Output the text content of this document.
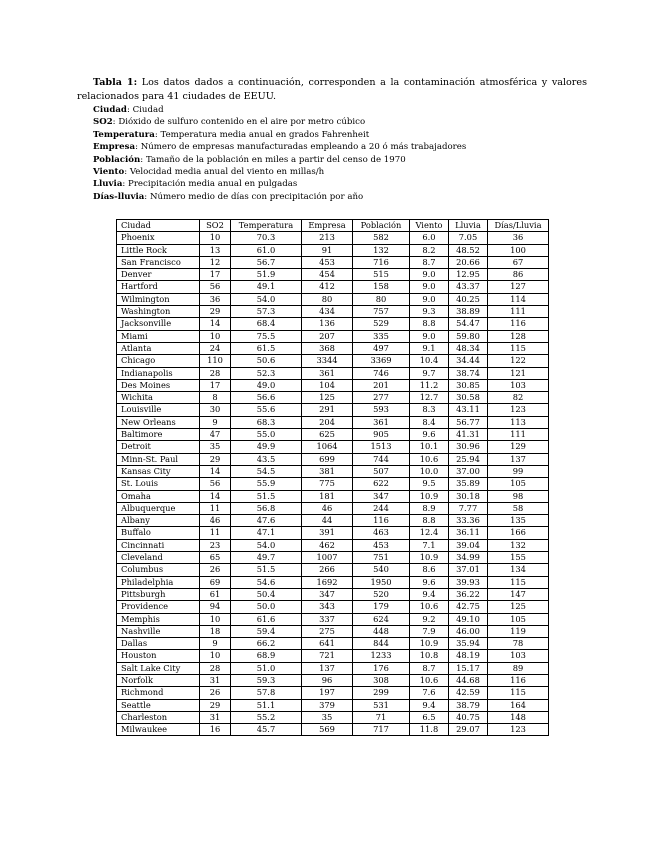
Tabla 1: Los datos dados a continuación, corresponden a la contaminación atmosférica y valores relacionados para 41 ciudades de EEUU.
Ciudad: Ciudad
SO2: Dióxido de sulfuro contenido en el aire por metro cúbico
Temperatura: Temperatura media anual en grados Fahrenheit
Empresa: Número de empresas manufacturadas empleando a 20 ó más trabajadores
Población: Tamaño de la población en miles a partir del censo de 1970
Viento: Velocidad media anual del viento en millas/h
Lluvia: Precipitación media anual en pulgadas
Días-lluvia: Número medio de días con precipitación por año
Ciudad	SO2	Temperatura	Empresa	Población	Viento	Lluvia	Días/Lluvia
Phoenix	10	70.3	213	582	6.0	7.05	36
Little Rock	13	61.0	91	132	8.2	48.52	100
San Francisco	12	56.7	453	716	8.7	20.66	67
Denver	17	51.9	454	515	9.0	12.95	86
Hartford	56	49.1	412	158	9.0	43.37	127
Wilmington	36	54.0	80	80	9.0	40.25	114
Washington	29	57.3	434	757	9.3	38.89	111
Jacksonville	14	68.4	136	529	8.8	54.47	116
Miami	10	75.5	207	335	9.0	59.80	128
Atlanta	24	61.5	368	497	9.1	48.34	115
Chicago	110	50.6	3344	3369	10.4	34.44	122
Indianapolis	28	52.3	361	746	9.7	38.74	121
Des Moines	17	49.0	104	201	11.2	30.85	103
Wichita	8	56.6	125	277	12.7	30.58	82
Louisville	30	55.6	291	593	8.3	43.11	123
New Orleans	9	68.3	204	361	8.4	56.77	113
Baltimore	47	55.0	625	905	9.6	41.31	111
Detroit	35	49.9	1064	1513	10.1	30.96	129
Minn-St. Paul	29	43.5	699	744	10.6	25.94	137
Kansas City	14	54.5	381	507	10.0	37.00	99
St. Louis	56	55.9	775	622	9.5	35.89	105
Omaha	14	51.5	181	347	10.9	30.18	98
Albuquerque	11	56.8	46	244	8.9	7.77	58
Albany	46	47.6	44	116	8.8	33.36	135
Buffalo	11	47.1	391	463	12.4	36.11	166
Cincinnati	23	54.0	462	453	7.1	39.04	132
Cleveland	65	49.7	1007	751	10.9	34.99	155
Columbus	26	51.5	266	540	8.6	37.01	134
Philadelphia	69	54.6	1692	1950	9.6	39.93	115
Pittsburgh	61	50.4	347	520	9.4	36.22	147
Providence	94	50.0	343	179	10.6	42.75	125
Memphis	10	61.6	337	624	9.2	49.10	105
Nashville	18	59.4	275	448	7.9	46.00	119
Dallas	9	66.2	641	844	10.9	35.94	78
Houston	10	68.9	721	1233	10.8	48.19	103
Salt Lake City	28	51.0	137	176	8.7	15.17	89
Norfolk	31	59.3	96	308	10.6	44.68	116
Richmond	26	57.8	197	299	7.6	42.59	115
Seattle	29	51.1	379	531	9.4	38.79	164
Charleston	31	55.2	35	71	6.5	40.75	148
Milwaukee	16	45.7	569	717	11.8	29.07	123
